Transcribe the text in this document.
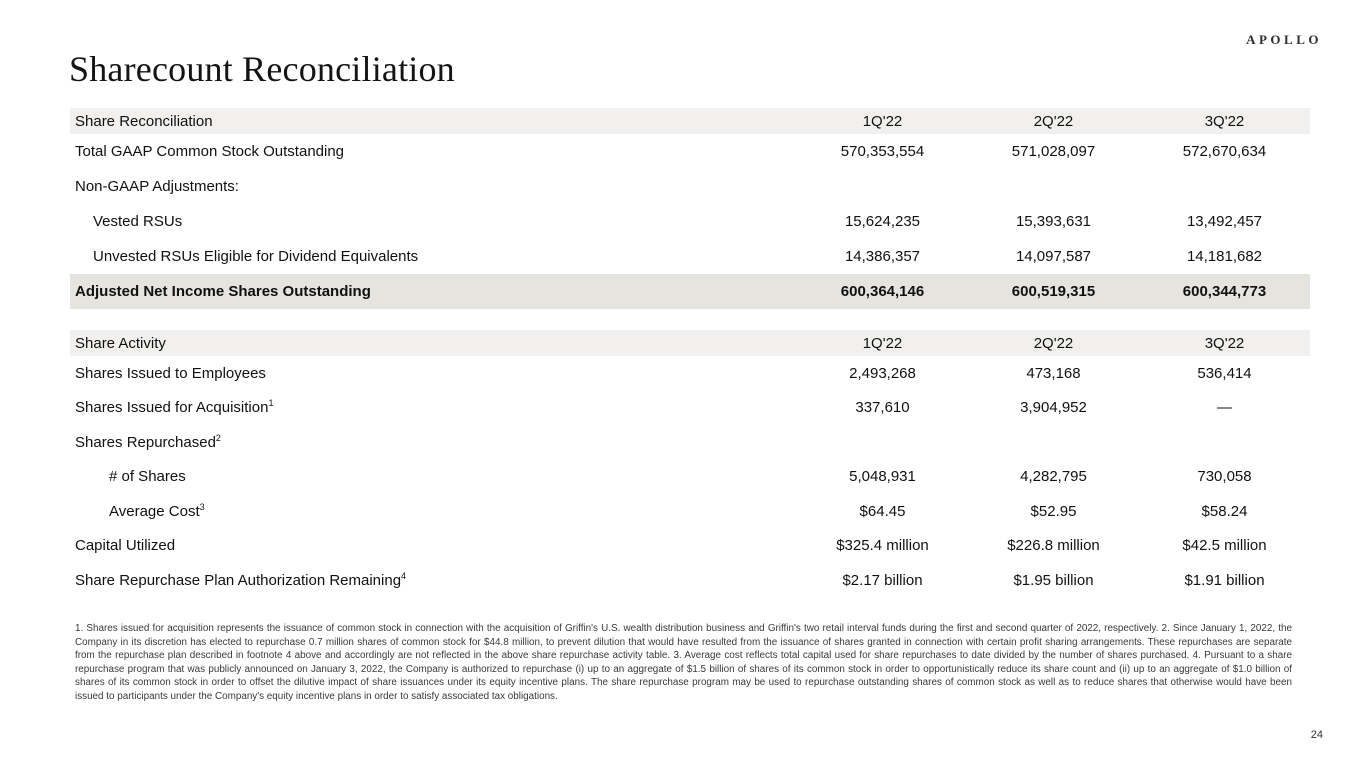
APOLLO
Sharecount Reconciliation
Share Reconciliation	1Q'22	2Q'22	3Q'22
Total GAAP Common Stock Outstanding	570,353,554	571,028,097	572,670,634
Non-GAAP Adjustments:
Vested RSUs	15,624,235	15,393,631	13,492,457
Unvested RSUs Eligible for Dividend Equivalents	14,386,357	14,097,587	14,181,682
Adjusted Net Income Shares Outstanding	600,364,146	600,519,315	600,344,773
Share Activity	1Q'22	2Q'22	3Q'22
Shares Issued to Employees	2,493,268	473,168	536,414
Shares Issued for Acquisition$^1$	337,610	3,904,952	—
Shares Repurchased$^2$
# of Shares	5,048,931	4,282,795	730,058
Average Cost$^3$	$64.45	$52.95	$58.24
Capital Utilized	$325.4 million	$226.8 million	$42.5 million
Share Repurchase Plan Authorization Remaining$^4$	$2.17 billion	$1.95 billion	$1.91 billion

1. Shares issued for acquisition represents the issuance of common stock in connection with the acquisition of Griffin's U.S. wealth distribution business and Griffin's two retail interval funds during the first and second quarter of 2022, respectively. 2. Since January 1, 2022, the Company in its discretion has elected to repurchase 0.7 million shares of common stock for $44.8 million, to prevent dilution that would have resulted from the issuance of shares granted in connection with certain profit sharing arrangements. These repurchases are separate from the repurchase plan described in footnote 4 above and accordingly are not reflected in the above share repurchase activity table. 3. Average cost reflects total capital used for share repurchases to date divided by the number of shares purchased. 4. Pursuant to a share repurchase program that was publicly announced on January 3, 2022, the Company is authorized to repurchase (i) up to an aggregate of $1.5 billion of shares of its common stock in order to opportunistically reduce its share count and (ii) up to an aggregate of $1.0 billion of shares of its common stock in order to offset the dilutive impact of share issuances under its equity incentive plans. The share repurchase program may be used to repurchase outstanding shares of common stock as well as to reduce shares that otherwise would have been issued to participants under the Company's equity incentive plans in order to satisfy associated tax obligations.

24
